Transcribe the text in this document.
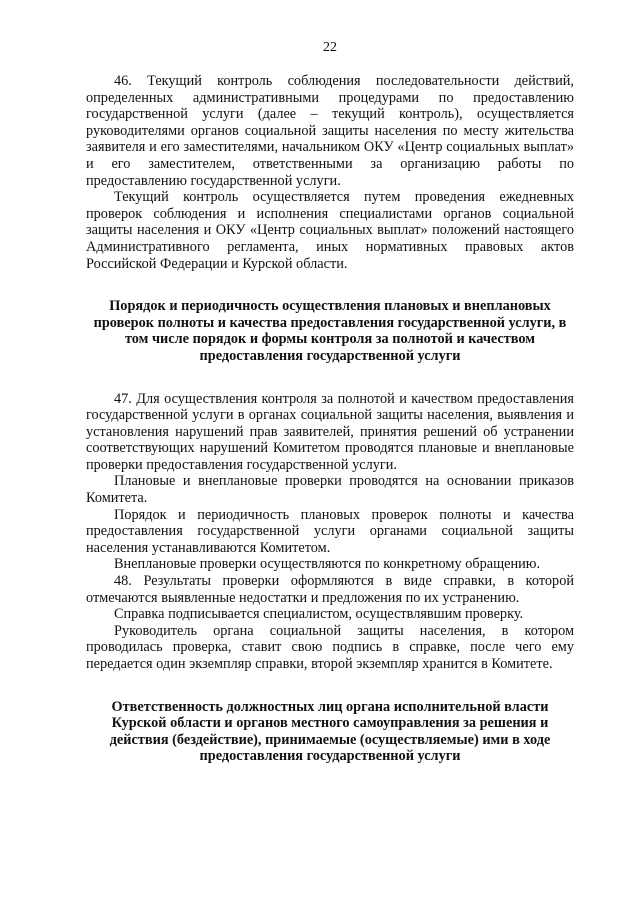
22

46. Текущий контроль соблюдения последовательности действий, определенных административными процедурами по предоставлению государственной услуги (далее – текущий контроль), осуществляется руководителями органов социальной защиты населения по месту жительства заявителя и его заместителями, начальником ОКУ «Центр социальных выплат» и его заместителем, ответственными за организацию работы по предоставлению государственной услуги.

Текущий контроль осуществляется путем проведения ежедневных проверок соблюдения и исполнения специалистами органов социальной защиты населения и ОКУ «Центр социальных выплат» положений настоящего Административного регламента, иных нормативных правовых актов Российской Федерации и Курской области.

Порядок и периодичность осуществления плановых и внеплановых проверок полноты и качества предоставления государственной услуги, в том числе порядок и формы контроля за полнотой и качеством предоставления государственной услуги

47. Для осуществления контроля за полнотой и качеством предоставления государственной услуги в органах социальной защиты населения, выявления и установления нарушений прав заявителей, принятия решений об устранении соответствующих нарушений Комитетом проводятся плановые и внеплановые проверки предоставления государственной услуги.

Плановые и внеплановые проверки проводятся на основании приказов Комитета.

Порядок и периодичность плановых проверок полноты и качества предоставления государственной услуги органами социальной защиты населения устанавливаются Комитетом.

Внеплановые проверки осуществляются по конкретному обращению.

48. Результаты проверки оформляются в виде справки, в которой отмечаются выявленные недостатки и предложения по их устранению.

Справка подписывается специалистом, осуществлявшим проверку.

Руководитель органа социальной защиты населения, в котором проводилась проверка, ставит свою подпись в справке, после чего ему передается один экземпляр справки, второй экземпляр хранится в Комитете.

Ответственность должностных лиц органа исполнительной власти Курской области и органов местного самоуправления за решения и действия (бездействие), принимаемые (осуществляемые) ими в ходе предоставления государственной услуги
